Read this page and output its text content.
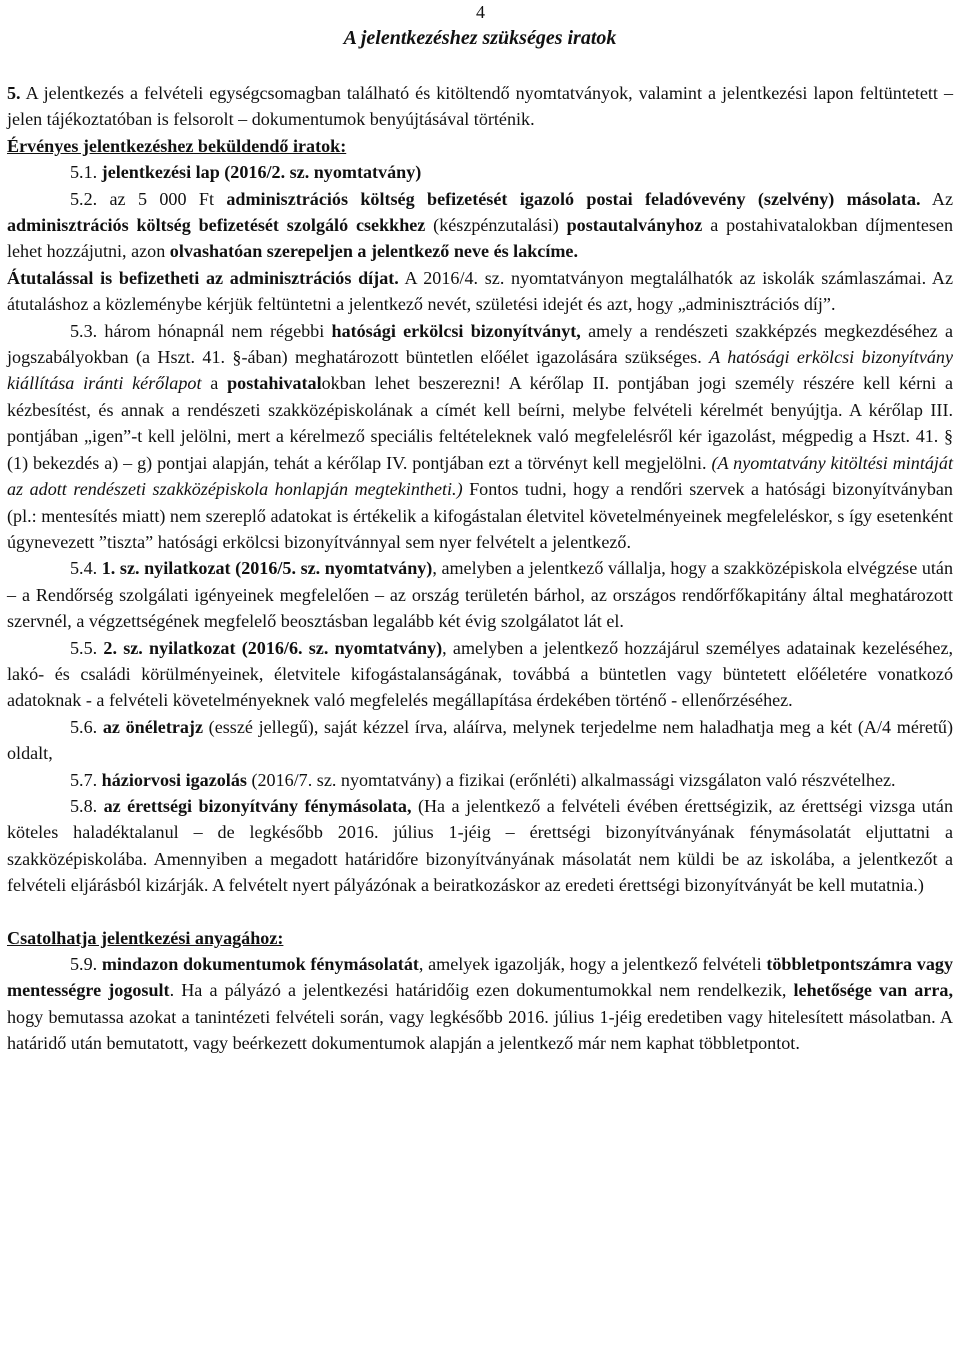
4
A jelentkezéshez szükséges iratok

5. A jelentkezés a felvételi egységcsomagban található és kitöltendő nyomtatványok, valamint a jelentkezési lapon feltüntetett – jelen tájékoztatóban is felsorolt – dokumentumok benyújtásával történik.

Érvényes jelentkezéshez beküldendő iratok:

5.1. jelentkezési lap (2016/2. sz. nyomtatvány)

5.2. az 5 000 Ft adminisztrációs költség befizetését igazoló postai feladóvevény (szelvény) másolata. Az adminisztrációs költség befizetését szolgáló csekkhez (készpénzutalási) postautalványhoz a postahivatalokban díjmentesen lehet hozzájutni, azon olvashatóan szerepeljen a jelentkező neve és lakcíme.

Átutalással is befizetheti az adminisztrációs díjat. A 2016/4. sz. nyomtatványon megtalálhatók az iskolák számlaszámai. Az átutaláshoz a közleménybe kérjük feltüntetni a jelentkező nevét, születési idejét és azt, hogy „adminisztrációs díj”.

5.3. három hónapnál nem régebbi hatósági erkölcsi bizonyítványt, amely a rendészeti szakképzés megkezdéséhez a jogszabályokban (a Hszt. 41. §-ában) meghatározott büntetlen előélet igazolására szükséges. A hatósági erkölcsi bizonyítvány kiállítása iránti kérőlapot a postahivatalokban lehet beszerezni! A kérőlap II. pontjában jogi személy részére kell kérni a kézbesítést, és annak a rendészeti szakközépiskolának a címét kell beírni, melybe felvételi kérelmét benyújtja. A kérőlap III. pontjában „igen”-t kell jelölni, mert a kérelmező speciális feltételeknek való megfelelésről kér igazolást, mégpedig a Hszt. 41. § (1) bekezdés a) – g) pontjai alapján, tehát a kérőlap IV. pontjában ezt a törvényt kell megjelölni. (A nyomtatvány kitöltési mintáját az adott rendészeti szakközépiskola honlapján megtekintheti.) Fontos tudni, hogy a rendőri szervek a hatósági bizonyítványban (pl.: mentesítés miatt) nem szereplő adatokat is értékelik a kifogástalan életvitel követelményeinek megfeleléskor, s így esetenként úgynevezett ”tiszta” hatósági erkölcsi bizonyítvánnyal sem nyer felvételt a jelentkező.

5.4. 1. sz. nyilatkozat (2016/5. sz. nyomtatvány), amelyben a jelentkező vállalja, hogy a szakközépiskola elvégzése után – a Rendőrség szolgálati igényeinek megfelelően – az ország területén bárhol, az országos rendőrfőkapitány által meghatározott szervnél, a végzettségének megfelelő beosztásban legalább két évig szolgálatot lát el.

5.5. 2. sz. nyilatkozat (2016/6. sz. nyomtatvány), amelyben a jelentkező hozzájárul személyes adatainak kezeléséhez, lakó- és családi körülményeinek, életvitele kifogástalanságának, továbbá a büntetlen vagy büntetett előéletére vonatkozó adatoknak - a felvételi követelményeknek való megfelelés megállapítása érdekében történő - ellenőrzéséhez.

5.6. az önéletrajz (esszé jellegű), saját kézzel írva, aláírva, melynek terjedelme nem haladhatja meg a két (A/4 méretű) oldalt,

5.7. háziorvosi igazolás (2016/7. sz. nyomtatvány) a fizikai (erőnléti) alkalmassági vizsgálaton való részvételhez.

5.8. az érettségi bizonyítvány fénymásolata, (Ha a jelentkező a felvételi évében érettségizik, az érettségi vizsga után köteles haladéktalanul – de legkésőbb 2016. július 1-jéig – érettségi bizonyítványának fénymásolatát eljuttatni a szakközépiskolába. Amennyiben a megadott határidőre bizonyítványának másolatát nem küldi be az iskolába, a jelentkezőt a felvételi eljárásból kizárják. A felvételt nyert pályázónak a beiratkozáskor az eredeti érettségi bizonyítványát be kell mutatnia.)

Csatolhatja jelentkezési anyagához:

5.9. mindazon dokumentumok fénymásolatát, amelyek igazolják, hogy a jelentkező felvételi többletpontszámra vagy mentességre jogosult. Ha a pályázó a jelentkezési határidőig ezen dokumentumokkal nem rendelkezik, lehetősége van arra, hogy bemutassa azokat a tanintézeti felvételi során, vagy legkésőbb 2016. július 1-jéig eredetiben vagy hitelesített másolatban. A határidő után bemutatott, vagy beérkezett dokumentumok alapján a jelentkező már nem kaphat többletpontot.
